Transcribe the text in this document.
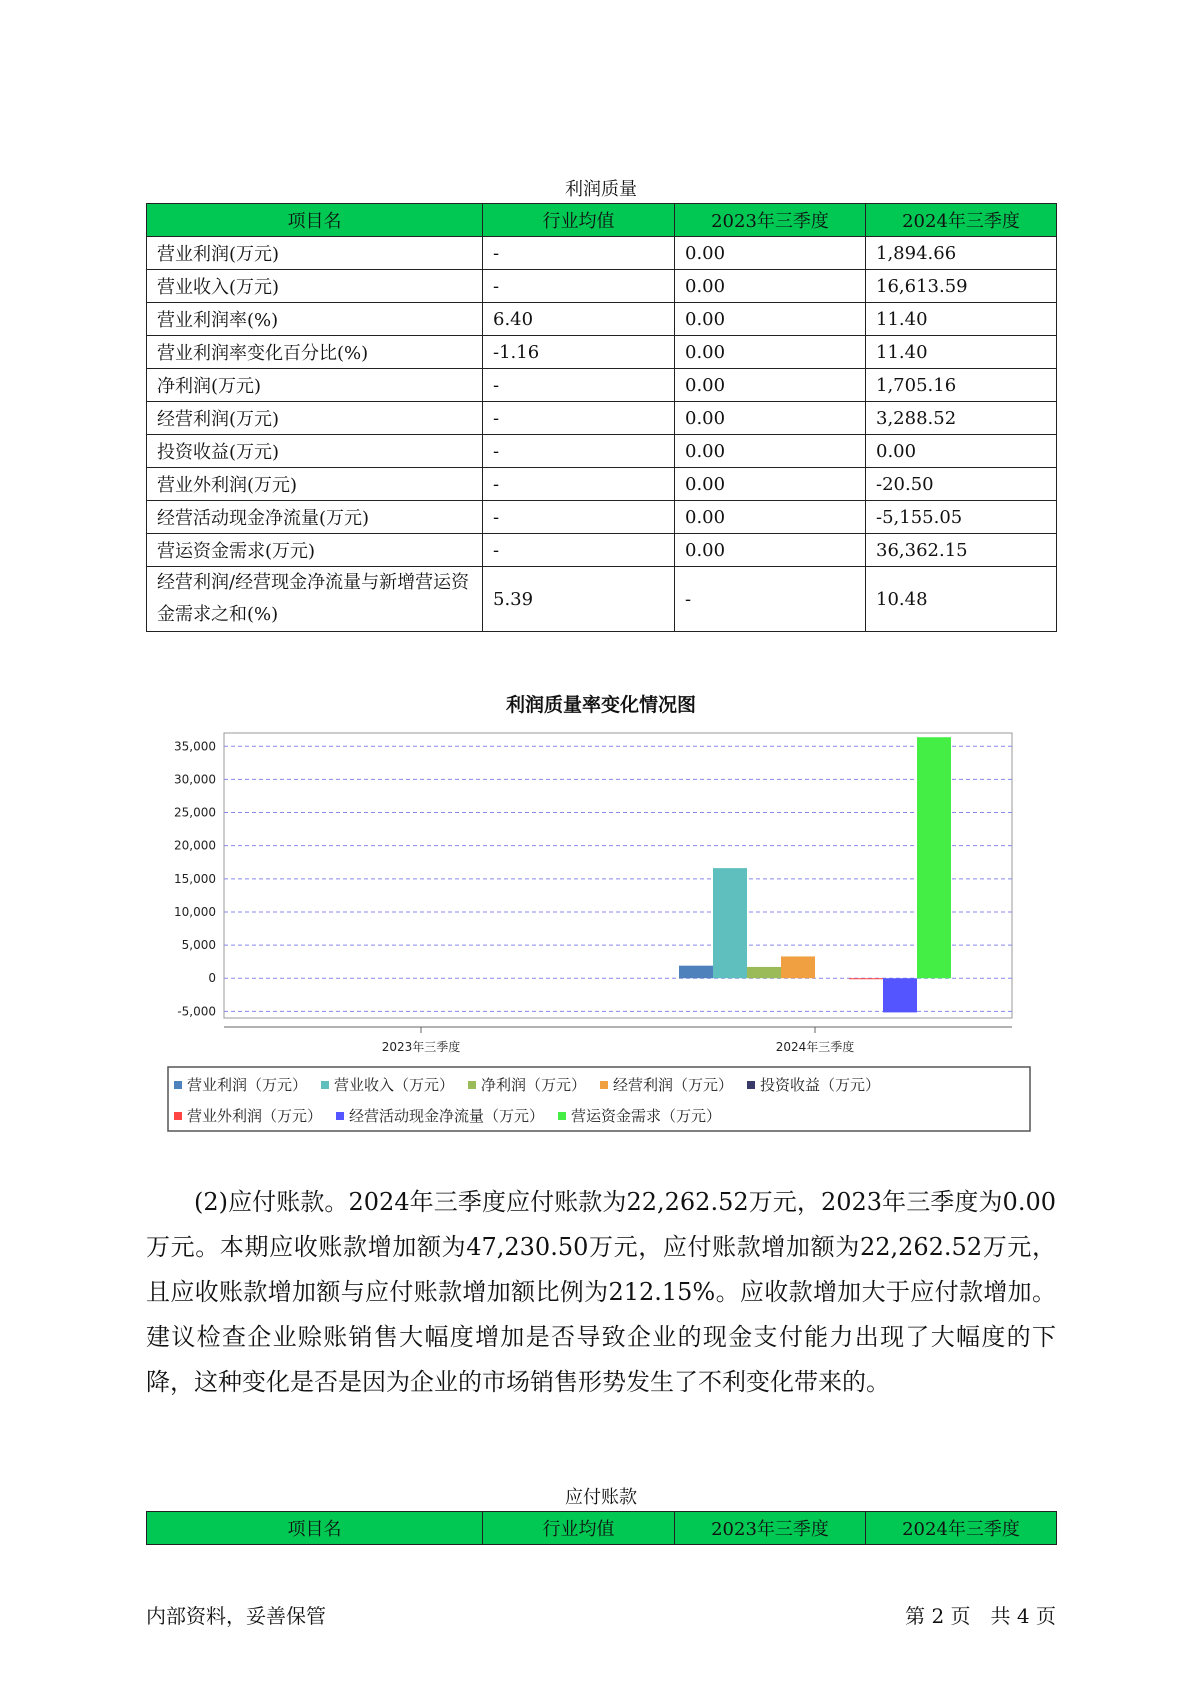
利润质量
项目名	行业均值	2023年三季度	2024年三季度
营业利润(万元)	-	0.00	1,894.66
营业收入(万元)	-	0.00	16,613.59
营业利润率(%)	6.40	0.00	11.40
营业利润率变化百分比(%)	-1.16	0.00	11.40
净利润(万元)	-	0.00	1,705.16
经营利润(万元)	-	0.00	3,288.52
投资收益(万元)	-	0.00	0.00
营业外利润(万元)	-	0.00	-20.50
经营活动现金净流量(万元)	-	0.00	-5,155.05
营运资金需求(万元)	-	0.00	36,362.15
经营利润/经营现金净流量与新增营运资金需求之和(%)	5.39	-	10.48
利润质量率变化情况图
-5,000
0
5,000
10,000
15,000
20,000
25,000
30,000
35,000
2023年三季度	2024年三季度
营业利润（万元） 营业收入（万元） 净利润（万元） 经营利润（万元） 投资收益（万元）
营业外利润（万元） 经营活动现金净流量（万元） 营运资金需求（万元）

(2)应付账款。2024年三季度应付账款为22,262.52万元，2023年三季度为0.00万元。本期应收账款增加额为47,230.50万元，应付账款增加额为22,262.52万元，且应收账款增加额与应付账款增加额比例为212.15%。应收款增加大于应付款增加。建议检查企业赊账销售大幅度增加是否导致企业的现金支付能力出现了大幅度的下降，这种变化是否是因为企业的市场销售形势发生了不利变化带来的。

应付账款
项目名	行业均值	2023年三季度	2024年三季度
内部资料，妥善保管	第 2 页　共 4 页
